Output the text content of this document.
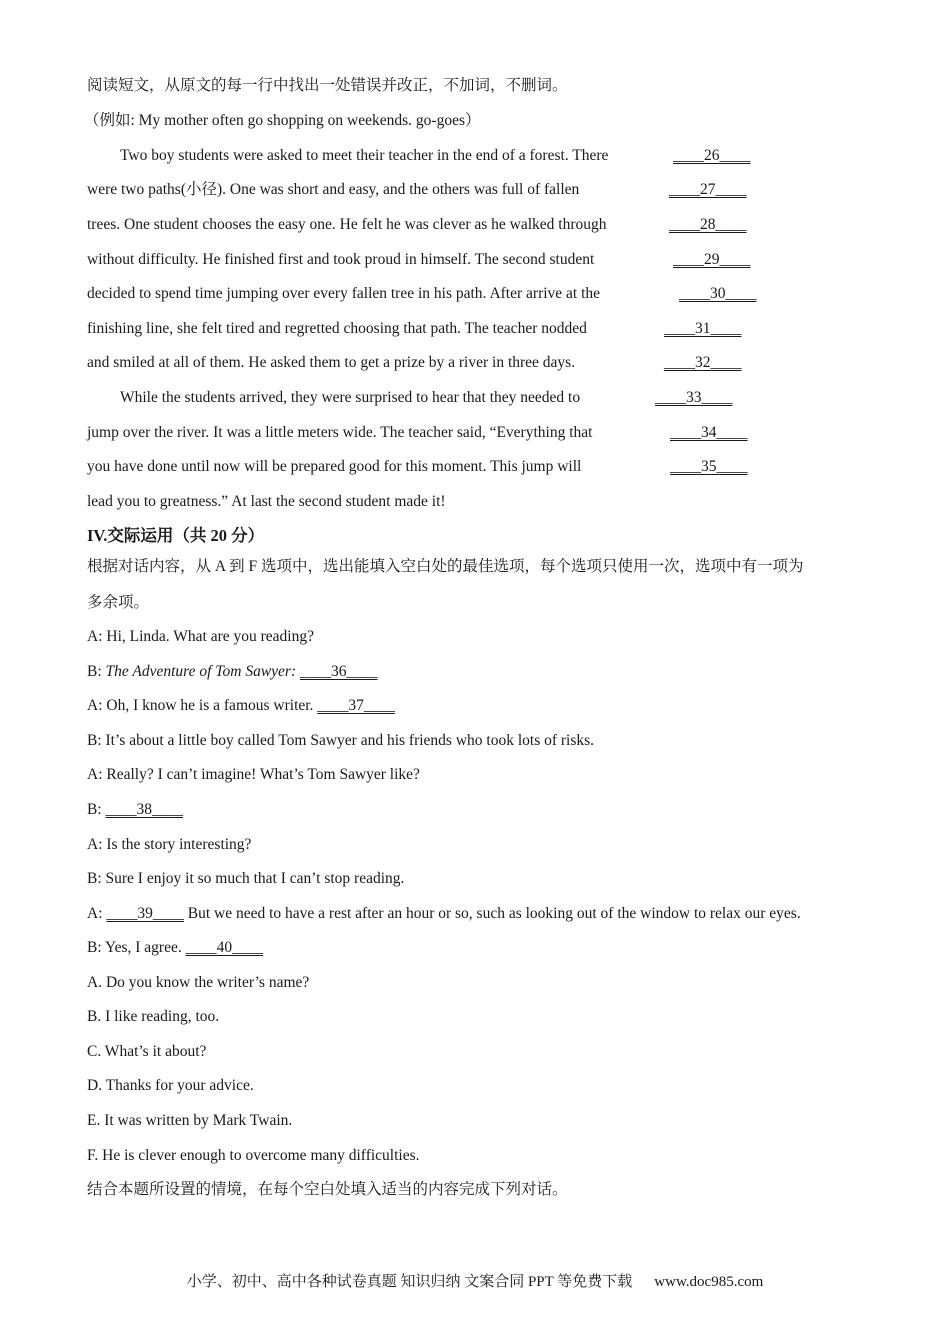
阅读短文，从原文的每一行中找出一处错误并改正，不加词，不删词。
（例如: My mother often go shopping on weekends. go-goes）
Two boy students were asked to meet their teacher in the end of a forest. There	____26____
were two paths(小径). One was short and easy, and the others was full of fallen	____27____
trees. One student chooses the easy one. He felt he was clever as he walked through	____28____
without difficulty. He finished first and took proud in himself. The second student	____29____
decided to spend time jumping over every fallen tree in his path. After arrive at the	____30____
finishing line, she felt tired and regretted choosing that path. The teacher nodded	____31____
and smiled at all of them. He asked them to get a prize by a river in three days.	____32____
While the students arrived, they were surprised to hear that they needed to	____33____
jump over the river. It was a little meters wide. The teacher said, “Everything that	____34____
you have done until now will be prepared good for this moment. This jump will	____35____
lead you to greatness.” At last the second student made it!
IV.交际运用（共 20 分）
根据对话内容，从 A 到 F 选项中，选出能填入空白处的最佳选项，每个选项只使用一次，选项中有一项为
多余项。
A: Hi, Linda. What are you reading?
B: The Adventure of Tom Sawyer: ____36____
A: Oh, I know he is a famous writer. ____37____
B: It’s about a little boy called Tom Sawyer and his friends who took lots of risks.
A: Really? I can’t imagine! What’s Tom Sawyer like?
B: ____38____
A: Is the story interesting?
B: Sure I enjoy it so much that I can’t stop reading.
A: ____39____ But we need to have a rest after an hour or so, such as looking out of the window to relax our eyes.
B: Yes, I agree. ____40____
A. Do you know the writer’s name?
B. I like reading, too.
C. What’s it about?
D. Thanks for your advice.
E. It was written by Mark Twain.
F. He is clever enough to overcome many difficulties.
结合本题所设置的情境，在每个空白处填入适当的内容完成下列对话。
小学、初中、高中各种试卷真题 知识归纳 文案合同 PPT 等免费下载 www.doc985.com
